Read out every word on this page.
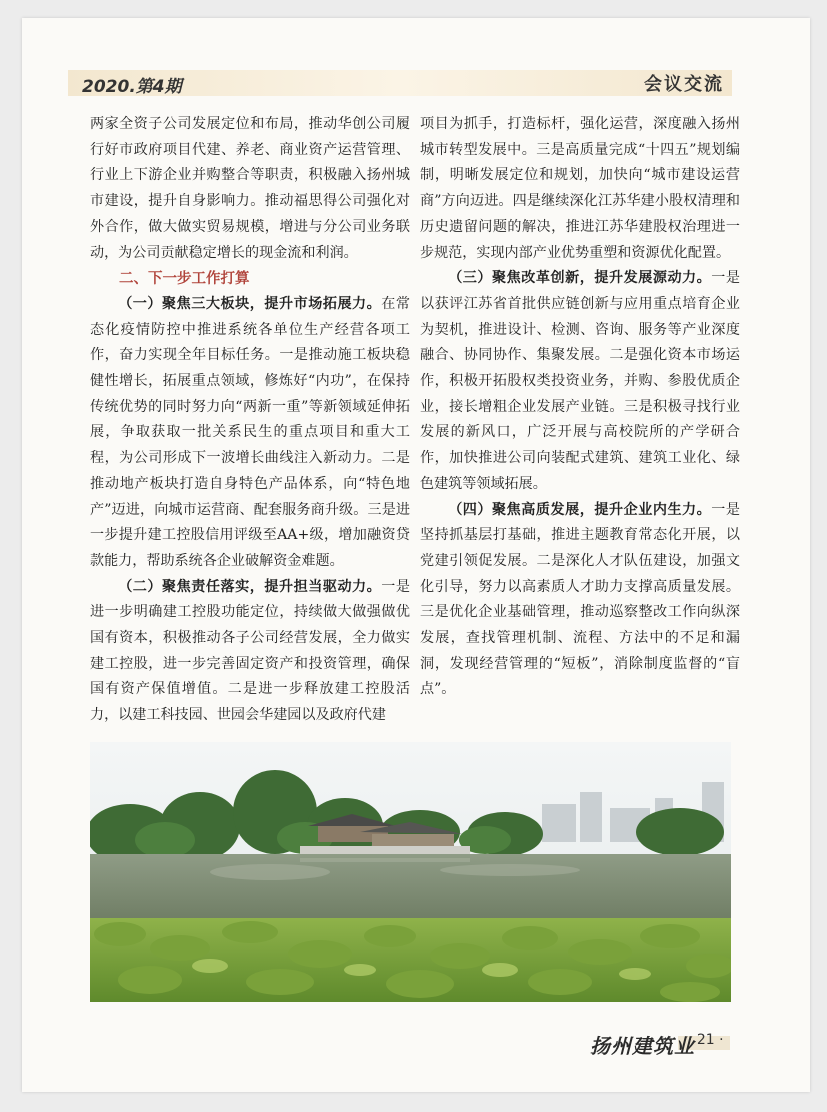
2020.第4期	会议交流

两家全资子公司发展定位和布局，推动华创公司履行好市政府项目代建、养老、商业资产运营管理、行业上下游企业并购整合等职责，积极融入扬州城市建设，提升自身影响力。推动福思得公司强化对外合作，做大做实贸易规模，增进与分公司业务联动，为公司贡献稳定增长的现金流和利润。

二、下一步工作打算

（一）聚焦三大板块，提升市场拓展力。在常态化疫情防控中推进系统各单位生产经营各项工作，奋力实现全年目标任务。一是推动施工板块稳健性增长，拓展重点领域，修炼好“内功”，在保持传统优势的同时努力向“两新一重”等新领域延伸拓展，争取获取一批关系民生的重点项目和重大工程，为公司形成下一波增长曲线注入新动力。二是推动地产板块打造自身特色产品体系，向“特色地产”迈进，向城市运营商、配套服务商升级。三是进一步提升建工控股信用评级至AA+级，增加融资贷款能力，帮助系统各企业破解资金难题。

（二）聚焦责任落实，提升担当驱动力。一是进一步明确建工控股功能定位，持续做大做强做优国有资本，积极推动各子公司经营发展，全力做实建工控股，进一步完善固定资产和投资管理，确保国有资产保值增值。二是进一步释放建工控股活力，以建工科技园、世园会华建园以及政府代建

项目为抓手，打造标杆，强化运营，深度融入扬州城市转型发展中。三是高质量完成“十四五”规划编制，明晰发展定位和规划，加快向“城市建设运营商”方向迈进。四是继续深化江苏华建小股权清理和历史遗留问题的解决，推进江苏华建股权治理进一步规范，实现内部产业优势重塑和资源优化配置。

（三）聚焦改革创新，提升发展源动力。一是以获评江苏省首批供应链创新与应用重点培育企业为契机，推进设计、检测、咨询、服务等产业深度融合、协同协作、集聚发展。二是强化资本市场运作，积极开拓股权类投资业务，并购、参股优质企业，接长增粗企业发展产业链。三是积极寻找行业发展的新风口，广泛开展与高校院所的产学研合作，加快推进公司向装配式建筑、建筑工业化、绿色建筑等领域拓展。

（四）聚焦高质发展，提升企业内生力。一是坚持抓基层打基础，推进主题教育常态化开展，以党建引领促发展。二是深化人才队伍建设，加强文化引导，努力以高素质人才助力支撑高质量发展。三是优化企业基础管理，推动巡察整改工作向纵深发展，查找管理机制、流程、方法中的不足和漏洞，发现经营管理的“短板”，消除制度监督的“盲点”。

扬州建筑业
· 21 ·
